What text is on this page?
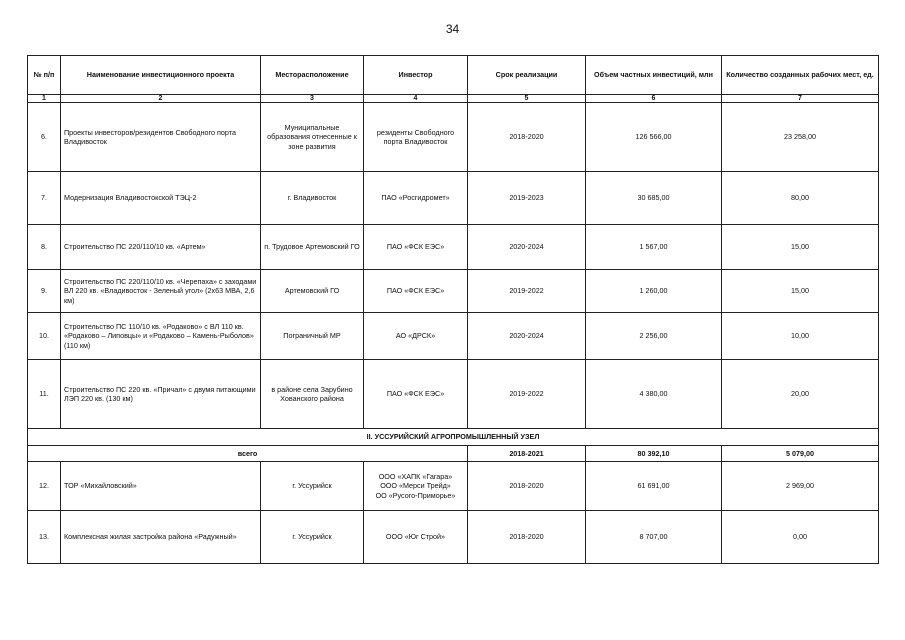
34
№ п/п	Наименование инвестиционного проекта	Месторасположение	Инвестор	Срок реализации	Объем частных инвестиций, млн	Количество созданных рабочих мест, ед.
1	2	3	4	5	6	7
6.	Проекты инвесторов/резидентов Свободного порта Владивосток	Муниципальные образования отнесенные к зоне развития	резиденты Свободного порта Владивосток	2018-2020	126 566,00	23 258,00
7.	Модернизация Владивостокской ТЭЦ-2	г. Владивосток	ПАО «Росгидромет»	2019-2023	30 685,00	80,00
8.	Строительство ПС 220/110/10 кв. «Артем»	п. Трудовое Артемовский ГО	ПАО «ФСК ЕЭС»	2020-2024	1 567,00	15,00
9.	Строительство ПС 220/110/10 кв. «Черепаха» с заходами ВЛ 220 кв. «Владивосток - Зеленый угол» (2х63 МВА, 2,6 км)	Артемовский ГО	ПАО «ФСК ЕЭС»	2019-2022	1 260,00	15,00
10.	Строительство ПС 110/10 кв. «Родаково» с ВЛ 110 кв. «Родаково – Липовцы» и «Родаково – Камень-Рыболов» (110 км)	Пограничный МР	АО «ДРСК»	2020-2024	2 256,00	10,00
11.	Строительство ПС 220 кв. «Причал» с двумя питающими ЛЭП 220 кв. (130 км)	в районе села Зарубино Хованского района	ПАО «ФСК ЕЭС»	2019-2022	4 380,00	20,00
II. УССУРИЙСКИЙ АГРОПРОМЫШЛЕННЫЙ УЗЕЛ						
всего				2018-2021	80 392,10	5 079,00
12.	ТОР «Михайловский»	г. Уссурийск	ООО «ХАПК «Гагара»
ООО «Мерси Трейд»
ОО «Русого-Приморье»	2018-2020	61 691,00	2 969,00
13.	Комплексная жилая застройка района «Радужный»	г. Уссурийск	ООО «Юг Строй»	2018-2020	8 707,00	0,00
